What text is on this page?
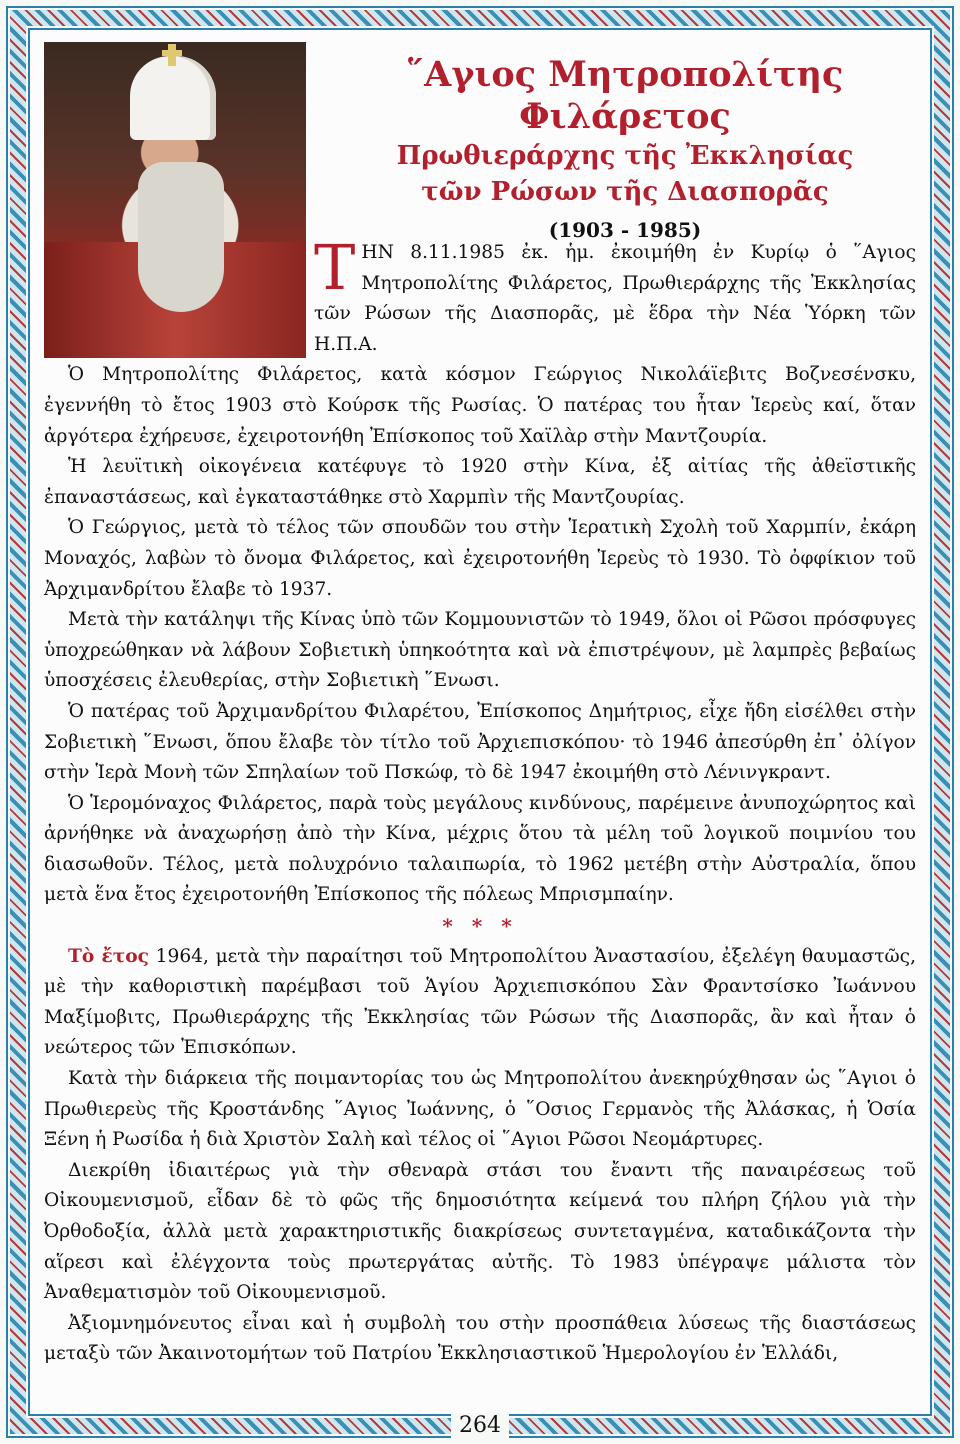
῞Αγιος Μητροπολίτης Φιλάρετος
Πρωθιεράρχης τῆς Ἐκκλησίας
τῶν Ρώσων τῆς Διασπορᾶς
(1903 - 1985)

ΤΗΝ 8.11.1985 ἐκ. ἡμ. ἐκοιμήθη ἐν Κυρίῳ ὁ ῞Αγιος Μητροπολίτης Φιλάρετος, Πρωθιεράρχης τῆς Ἐκκλησίας τῶν Ρώσων τῆς Διασπορᾶς, μὲ ἕδρα τὴν Νέα Ὑόρκη τῶν Η.Π.Α.

Ὁ Μητροπολίτης Φιλάρετος, κατὰ κόσμον Γεώργιος Νικολάϊεβιτς Βοζνεσένσκυ, ἐγεννήθη τὸ ἔτος 1903 στὸ Κούρσκ τῆς Ρωσίας. Ὁ πατέρας του ἦταν Ἱερεὺς καί, ὅταν ἀργότερα ἐχήρευσε, ἐχειροτονήθη Ἐπίσκοπος τοῦ Χαϊλὰρ στὴν Μαντζουρία.

Ἡ λευϊτικὴ οἰκογένεια κατέφυγε τὸ 1920 στὴν Κίνα, ἐξ αἰτίας τῆς ἀθεϊστικῆς ἐπαναστάσεως, καὶ ἐγκαταστάθηκε στὸ Χαρμπὶν τῆς Μαντζουρίας.

Ὁ Γεώργιος, μετὰ τὸ τέλος τῶν σπουδῶν του στὴν Ἱερατικὴ Σχολὴ τοῦ Χαρμπίν, ἐκάρη Μοναχός, λαβὼν τὸ ὄνομα Φιλάρετος, καὶ ἐχειροτονήθη Ἱερεὺς τὸ 1930. Τὸ ὀφφίκιον τοῦ Ἀρχιμανδρίτου ἔλαβε τὸ 1937.

Μετὰ τὴν κατάληψι τῆς Κίνας ὑπὸ τῶν Κομμουνιστῶν τὸ 1949, ὅλοι οἱ Ρῶσοι πρόσφυγες ὑποχρεώθηκαν νὰ λάβουν Σοβιετικὴ ὑπηκοότητα καὶ νὰ ἐπιστρέψουν, μὲ λαμπρὲς βεβαίως ὑποσχέσεις ἐλευθερίας, στὴν Σοβιετικὴ ῞Ενωσι.

Ὁ πατέρας τοῦ Ἀρχιμανδρίτου Φιλαρέτου, Ἐπίσκοπος Δημήτριος, εἶχε ἤδη εἰσέλθει στὴν Σοβιετικὴ ῞Ενωσι, ὅπου ἔλαβε τὸν τίτλο τοῦ Ἀρχιεπισκόπου· τὸ 1946 ἀπεσύρθη ἐπ᾽ ὀλίγον στὴν Ἱερὰ Μονὴ τῶν Σπηλαίων τοῦ Πσκώφ, τὸ δὲ 1947 ἐκοιμήθη στὸ Λένινγκραντ.

Ὁ Ἱερομόναχος Φιλάρετος, παρὰ τοὺς μεγάλους κινδύνους, παρέμεινε ἀνυποχώρητος καὶ ἀρνήθηκε νὰ ἀναχωρήσῃ ἀπὸ τὴν Κίνα, μέχρις ὅτου τὰ μέλη τοῦ λογικοῦ ποιμνίου του διασωθοῦν. Τέλος, μετὰ πολυχρόνιο ταλαιπωρία, τὸ 1962 μετέβη στὴν Αὐστραλία, ὅπου μετὰ ἕνα ἔτος ἐχειροτονήθη Ἐπίσκοπος τῆς πόλεως Μπρισμπαίην.

* * *

Τὸ ἔτος 1964, μετὰ τὴν παραίτησι τοῦ Μητροπολίτου Ἀναστασίου, ἐξελέγη θαυμαστῶς, μὲ τὴν καθοριστικὴ παρέμβασι τοῦ Ἁγίου Ἀρχιεπισκόπου Σὰν Φραντσίσκο Ἰωάννου Μαξίμοβιτς, Πρωθιεράρχης τῆς Ἐκκλησίας τῶν Ρώσων τῆς Διασπορᾶς, ἂν καὶ ἦταν ὁ νεώτερος τῶν Ἐπισκόπων.

Κατὰ τὴν διάρκεια τῆς ποιμαντορίας του ὡς Μητροπολίτου ἀνεκηρύχθησαν ὡς ῞Αγιοι ὁ Πρωθιερεὺς τῆς Κροστάνδης ῞Αγιος Ἰωάννης, ὁ ῞Οσιος Γερμανὸς τῆς Ἀλάσκας, ἡ Ὁσία Ξένη ἡ Ρωσίδα ἡ διὰ Χριστὸν Σαλὴ καὶ τέλος οἱ ῞Αγιοι Ρῶσοι Νεομάρτυρες.

Διεκρίθη ἰδιαιτέρως γιὰ τὴν σθεναρὰ στάσι του ἔναντι τῆς παναιρέσεως τοῦ Οἰκουμενισμοῦ, εἶδαν δὲ τὸ φῶς τῆς δημοσιότητα κείμενά του πλήρη ζήλου γιὰ τὴν Ὀρθοδοξία, ἀλλὰ μετὰ χαρακτηριστικῆς διακρίσεως συντεταγμένα, καταδικάζοντα τὴν αἵρεσι καὶ ἐλέγχοντα τοὺς πρωτεργάτας αὐτῆς. Τὸ 1983 ὑπέγραψε μάλιστα τὸν Ἀναθεματισμὸν τοῦ Οἰκουμενισμοῦ.

Ἀξιομνημόνευτος εἶναι καὶ ἡ συμβολὴ του στὴν προσπάθεια λύσεως τῆς διαστάσεως μεταξὺ τῶν Ἀκαινοτομήτων τοῦ Πατρίου Ἐκκλησιαστικοῦ Ἡμερολογίου ἐν Ἑλλάδι,

264
